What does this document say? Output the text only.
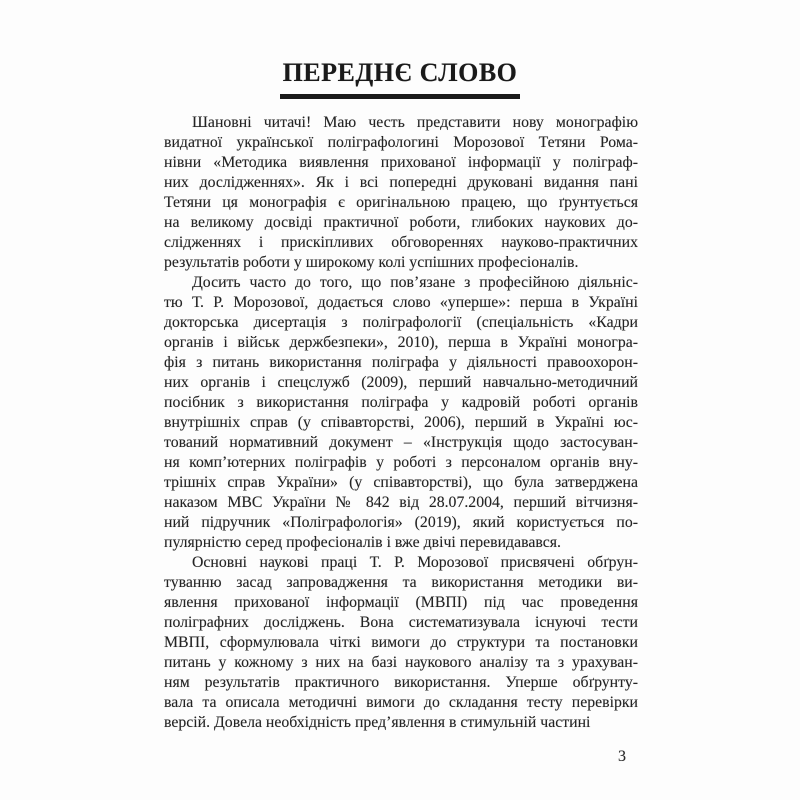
ПЕРЕДНЄ СЛОВО
Шановні читачі! Маю честь представити нову монографію
видатної української поліграфологині Морозової Тетяни Рома-
нівни «Методика виявлення прихованої інформації у поліграф-
них дослідженнях». Як і всі попередні друковані видання пані
Тетяни ця монографія є оригінальною працею, що ґрунтується
на великому досвіді практичної роботи, глибоких наукових до-
слідженнях і прискіпливих обговореннях науково-практичних
результатів роботи у широкому колі успішних професіоналів.
Досить часто до того, що пов’язане з професійною діяльніс-
тю Т. Р. Морозової, додається слово «уперше»: перша в Україні
докторська дисертація з поліграфології (спеціальність «Кадри
органів і військ держбезпеки», 2010), перша в Україні моногра-
фія з питань використання поліграфа у діяльності правоохорон-
них органів і спецслужб (2009), перший навчально-методичний
посібник з використання поліграфа у кадровій роботі органів
внутрішніх справ (у співавторстві, 2006), перший в Україні юс-
тований нормативний документ – «Інструкція щодо застосуван-
ня комп’ютерних поліграфів у роботі з персоналом органів вну-
трішніх справ України» (у співавторстві), що була затверджена
наказом МВС України № 842 від 28.07.2004, перший вітчизня-
ний підручник «Поліграфологія» (2019), який користується по-
пулярністю серед професіоналів і вже двічі перевидавався.
Основні наукові праці Т. Р. Морозової присвячені обґрун-
туванню засад запровадження та використання методики ви-
явлення прихованої інформації (МВПІ) під час проведення
поліграфних досліджень. Вона систематизувала існуючі тести
МВПІ, сформулювала чіткі вимоги до структури та постановки
питань у кожному з них на базі наукового аналізу та з урахуван-
ням результатів практичного використання. Уперше обґрунту-
вала та описала методичні вимоги до складання тесту перевірки
версій. Довела необхідність пред’явлення в стимульній частині
3
